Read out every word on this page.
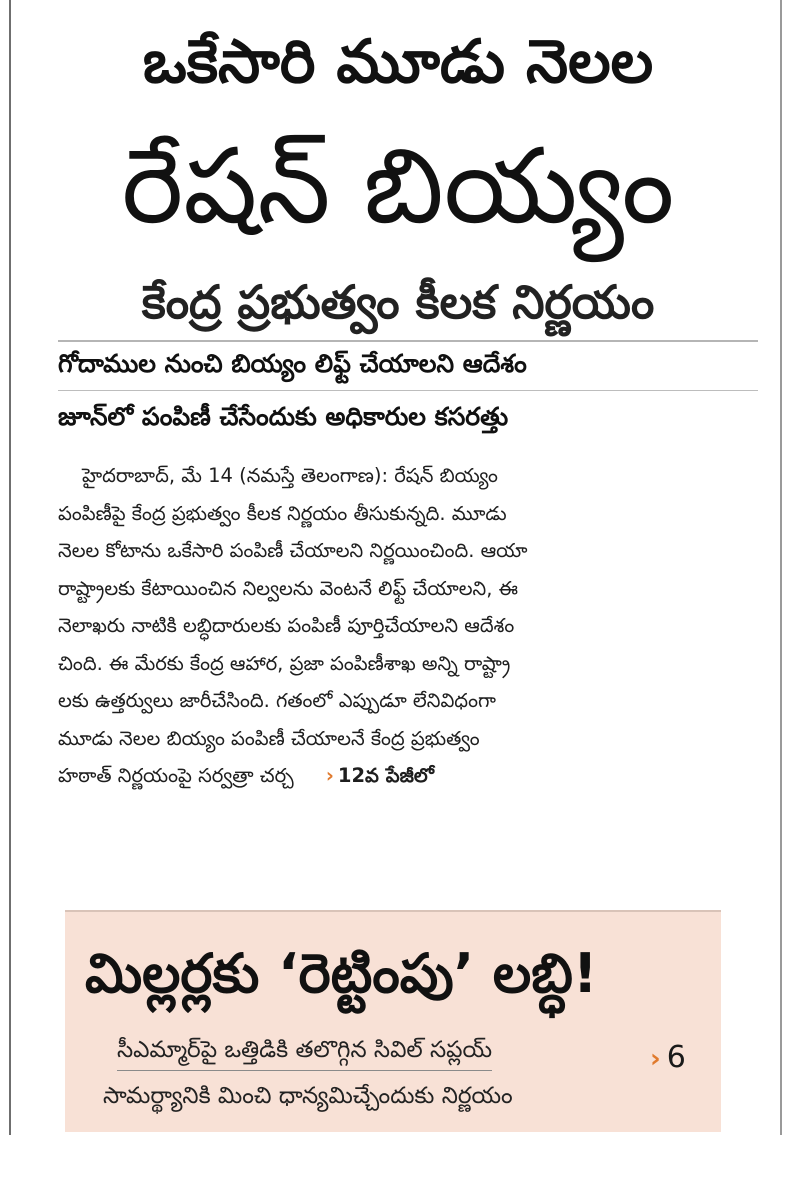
ఒకేసారి మూడు నెలల
రేషన్ బియ్యం
కేంద్ర ప్రభుత్వం కీలక నిర్ణయం
గోదాముల నుంచి బియ్యం లిఫ్ట్ చేయాలని ఆదేశం
జూన్‌లో పంపిణీ చేసేందుకు అధికారుల కసరత్తు
హైదరాబాద్, మే 14 (నమస్తే తెలంగాణ): రేషన్ బియ్యం
పంపిణీపై కేంద్ర ప్రభుత్వం కీలక నిర్ణయం తీసుకున్నది. మూడు
నెలల కోటాను ఒకేసారి పంపిణీ చేయాలని నిర్ణయించింది. ఆయా
రాష్ట్రాలకు కేటాయించిన నిల్వలను వెంటనే లిఫ్ట్ చేయాలని, ఈ
నెలాఖరు నాటికి లబ్ధిదారులకు పంపిణీ పూర్తిచేయాలని ఆదేశం
చింది. ఈ మేరకు కేంద్ర ఆహార, ప్రజా పంపిణీశాఖ అన్ని రాష్ట్రా
లకు ఉత్తర్వులు జారీచేసింది. గతంలో ఎప్పుడూ లేనివిధంగా
మూడు నెలల బియ్యం పంపిణీ చేయాలనే కేంద్ర ప్రభుత్వం
హఠాత్ నిర్ణయంపై సర్వత్రా చర్చ › 12వ పేజీలో
మిల్లర్లకు ‘రెట్టింపు’ లబ్ధి!
సీఎమ్మార్‌పై ఒత్తిడికి తలొగ్గిన సివిల్ సప్లయ్	› 6
సామర్థ్యానికి మించి ధాన్యమిచ్చేందుకు నిర్ణయం
